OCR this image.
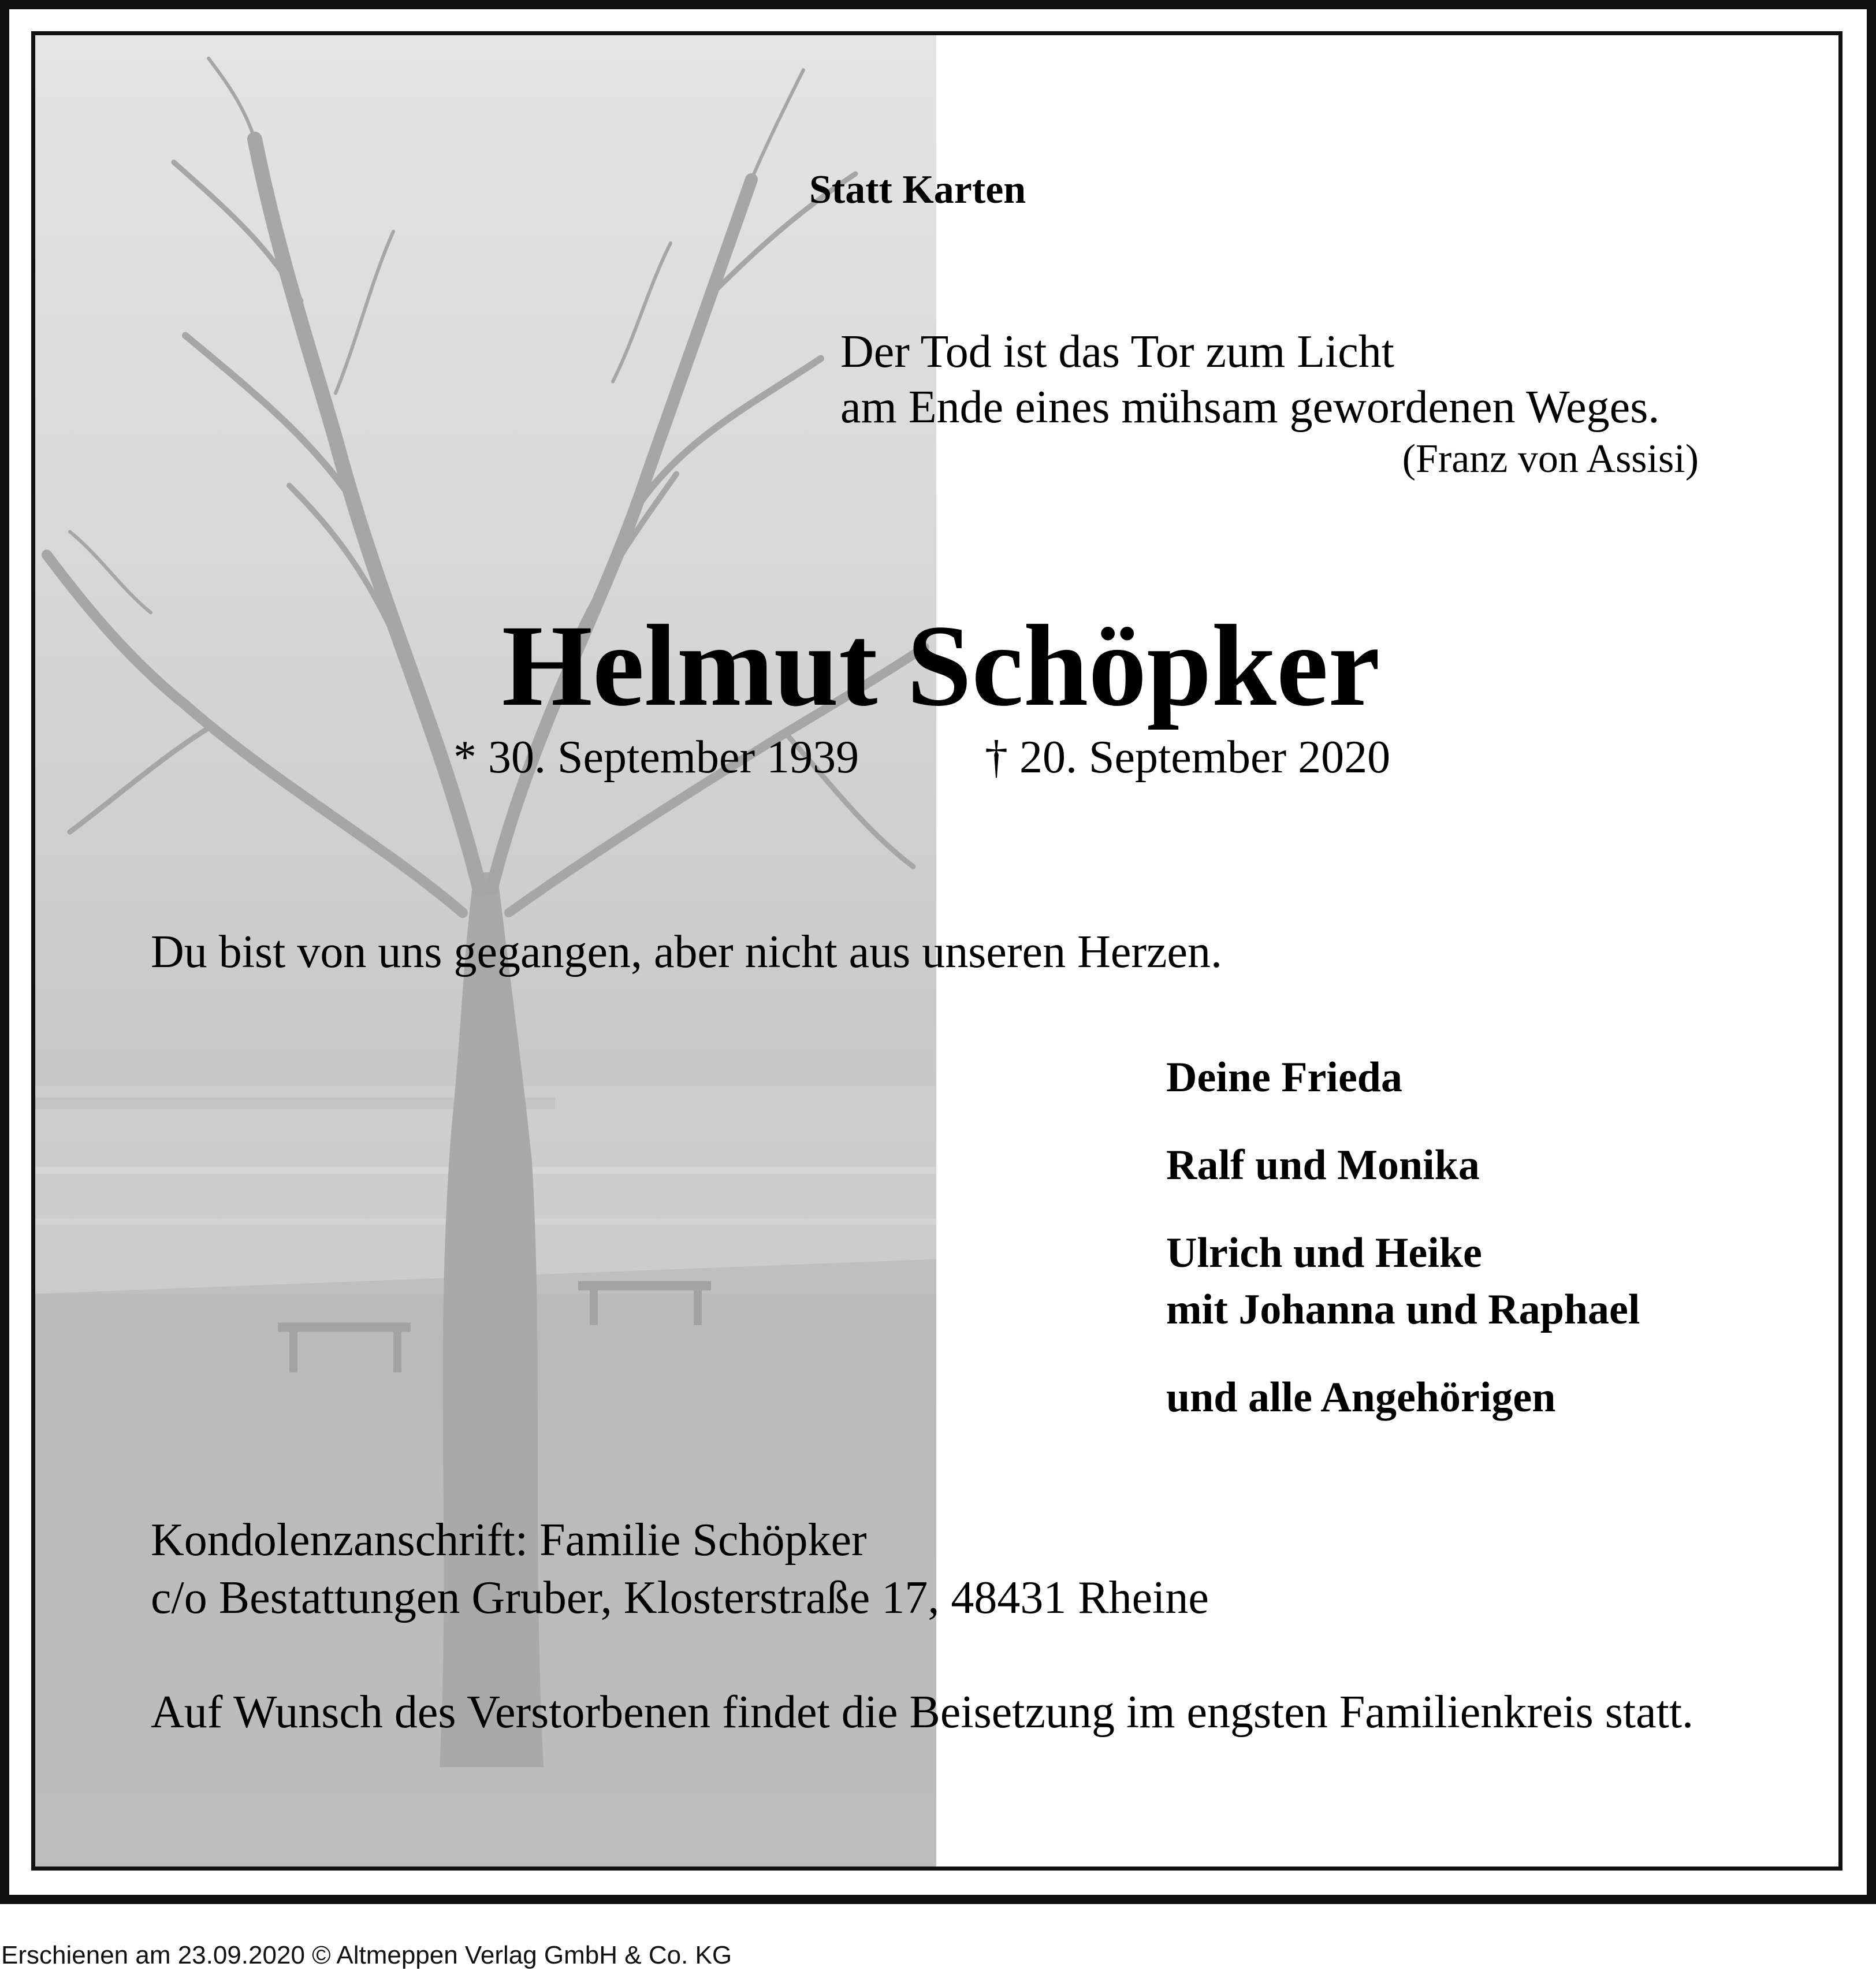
Statt Karten

Der Tod ist das Tor zum Licht
am Ende eines mühsam gewordenen Weges.

(Franz von Assisi)

Helmut Schöpker

* 30. September 1939	† 20. September 2020

Du bist von uns gegangen, aber nicht aus unseren Herzen.

Deine Frieda
Ralf und Monika
Ulrich und Heike
mit Johanna und Raphael
und alle Angehörigen
Kondolenzanschrift: Familie Schöpker
c/o Bestattungen Gruber, Klosterstraße 17, 48431 Rheine

Auf Wunsch des Verstorbenen findet die Beisetzung im engsten Familienkreis statt.

Erschienen am 23.09.2020 © Altmeppen Verlag GmbH & Co. KG
